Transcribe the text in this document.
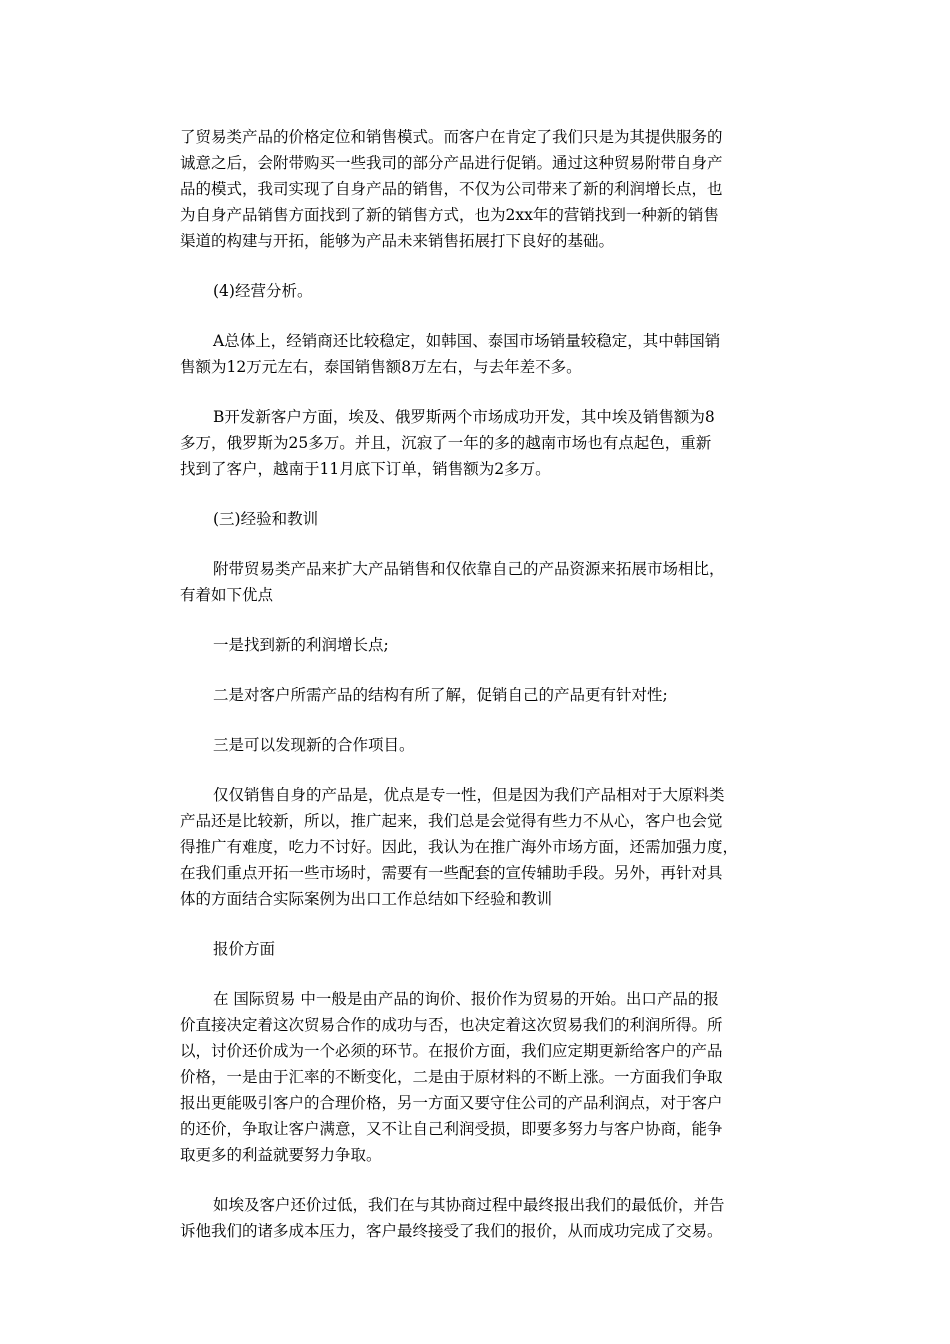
了贸易类产品的价格定位和销售模式。而客户在肯定了我们只是为其提供服务的
诚意之后，会附带购买一些我司的部分产品进行促销。通过这种贸易附带自身产
品的模式，我司实现了自身产品的销售，不仅为公司带来了新的利润增长点，也
为自身产品销售方面找到了新的销售方式，也为2xx年的营销找到一种新的销售
渠道的构建与开拓，能够为产品未来销售拓展打下良好的基础。
(4)经营分析。
A总体上，经销商还比较稳定，如韩国、泰国市场销量较稳定，其中韩国销
售额为12万元左右，泰国销售额8万左右，与去年差不多。
B开发新客户方面，埃及、俄罗斯两个市场成功开发，其中埃及销售额为8
多万，俄罗斯为25多万。并且，沉寂了一年的多的越南市场也有点起色，重新
找到了客户，越南于11月底下订单，销售额为2多万。
(三)经验和教训
附带贸易类产品来扩大产品销售和仅依靠自己的产品资源来拓展市场相比，
有着如下优点
一是找到新的利润增长点;
二是对客户所需产品的结构有所了解，促销自己的产品更有针对性;
三是可以发现新的合作项目。
仅仅销售自身的产品是，优点是专一性，但是因为我们产品相对于大原料类
产品还是比较新，所以，推广起来，我们总是会觉得有些力不从心，客户也会觉
得推广有难度，吃力不讨好。因此，我认为在推广海外市场方面，还需加强力度，
在我们重点开拓一些市场时，需要有一些配套的宣传辅助手段。另外，再针对具
体的方面结合实际案例为出口工作总结如下经验和教训
报价方面
在 国际贸易 中一般是由产品的询价、报价作为贸易的开始。出口产品的报
价直接决定着这次贸易合作的成功与否，也决定着这次贸易我们的利润所得。所
以，讨价还价成为一个必须的环节。在报价方面，我们应定期更新给客户的产品
价格，一是由于汇率的不断变化，二是由于原材料的不断上涨。一方面我们争取
报出更能吸引客户的合理价格，另一方面又要守住公司的产品利润点，对于客户
的还价，争取让客户满意，又不让自己利润受损，即要多努力与客户协商，能争
取更多的利益就要努力争取。
如埃及客户还价过低，我们在与其协商过程中最终报出我们的最低价，并告
诉他我们的诸多成本压力，客户最终接受了我们的报价，从而成功完成了交易。
